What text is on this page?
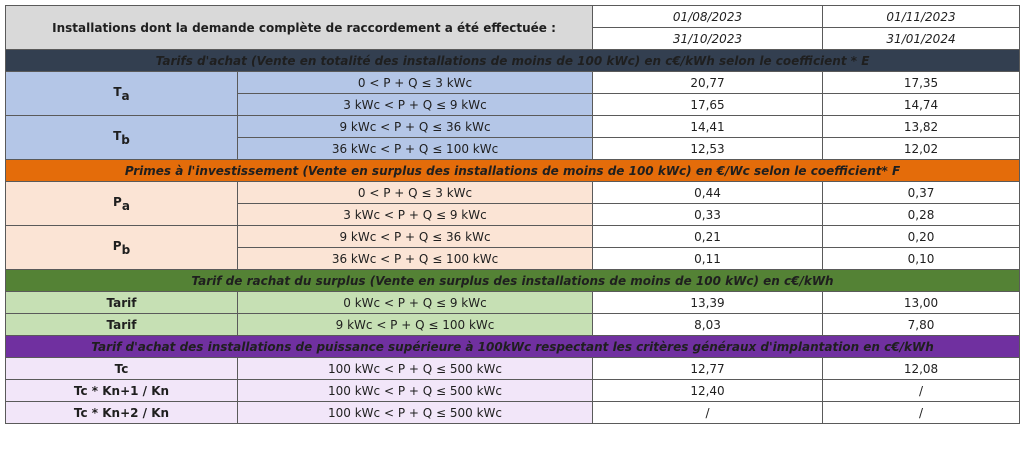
Installations dont la demande complète de raccordement a été effectuée :		01/08/2023	01/11/2023
		31/10/2023	31/01/2024
Tarifs d'achat (Vente en totalité des installations de moins de 100 kWc) en c€/kWh selon le coefficient * E			
$T_a$	0 < P + Q ≤ 3 kWc	20,77	17,35
	3 kWc < P + Q ≤ 9 kWc	17,65	14,74
$T_b$	9 kWc < P + Q ≤ 36 kWc	14,41	13,82
	36 kWc < P + Q ≤ 100 kWc	12,53	12,02
Primes à l'investissement (Vente en surplus des installations de moins de 100 kWc) en €/Wc selon le coefficient* F			
$P_a$	0 < P + Q ≤ 3 kWc	0,44	0,37
	3 kWc < P + Q ≤ 9 kWc	0,33	0,28
$P_b$	9 kWc < P + Q ≤ 36 kWc	0,21	0,20
	36 kWc < P + Q ≤ 100 kWc	0,11	0,10
Tarif de rachat du surplus (Vente en surplus des installations de moins de 100 kWc) en c€/kWh			
Tarif	0 kWc < P + Q ≤ 9 kWc	13,39	13,00
Tarif	9 kWc < P + Q ≤ 100 kWc	8,03	7,80
Tarif d'achat des installations de puissance supérieure à 100kWc respectant les critères généraux d'implantation en c€/kWh			
Tc	100 kWc < P + Q ≤ 500 kWc	12,77	12,08
Tc * Kn+1 / Kn	100 kWc < P + Q ≤ 500 kWc	12,40	/
Tc * Kn+2 / Kn	100 kWc < P + Q ≤ 500 kWc	/	/
